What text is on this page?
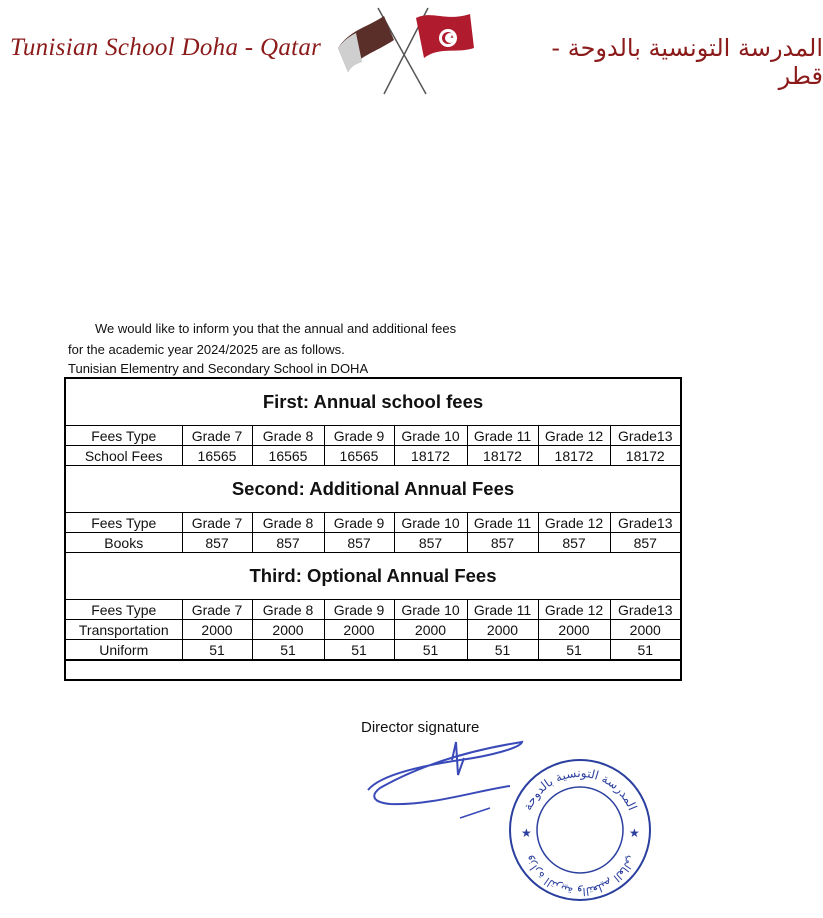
Tunisian School Doha - Qatar	المدرسة التونسية بالدوحة - قطر
We would like to inform you that the annual and additional fees
for the academic year 2024/2025 are as follows.
Tunisian Elementry and Secondary School in DOHA
First: Annual school fees
Fees Type	Grade 7	Grade 8	Grade 9	Grade 10	Grade 11	Grade 12	Grade13
School Fees	16565	16565	16565	18172	18172	18172	18172
Second: Additional Annual Fees
Fees Type	Grade 7	Grade 8	Grade 9	Grade 10	Grade 11	Grade 12	Grade13
Books	857	857	857	857	857	857	857
Third: Optional Annual Fees
Fees Type	Grade 7	Grade 8	Grade 9	Grade 10	Grade 11	Grade 12	Grade13
Transportation	2000	2000	2000	2000	2000	2000	2000
Uniform	51	51	51	51	51	51	51
Director signature
المدرسة التونسية بالدوحة
وزارة التربية والتعليم العالي
★	★
